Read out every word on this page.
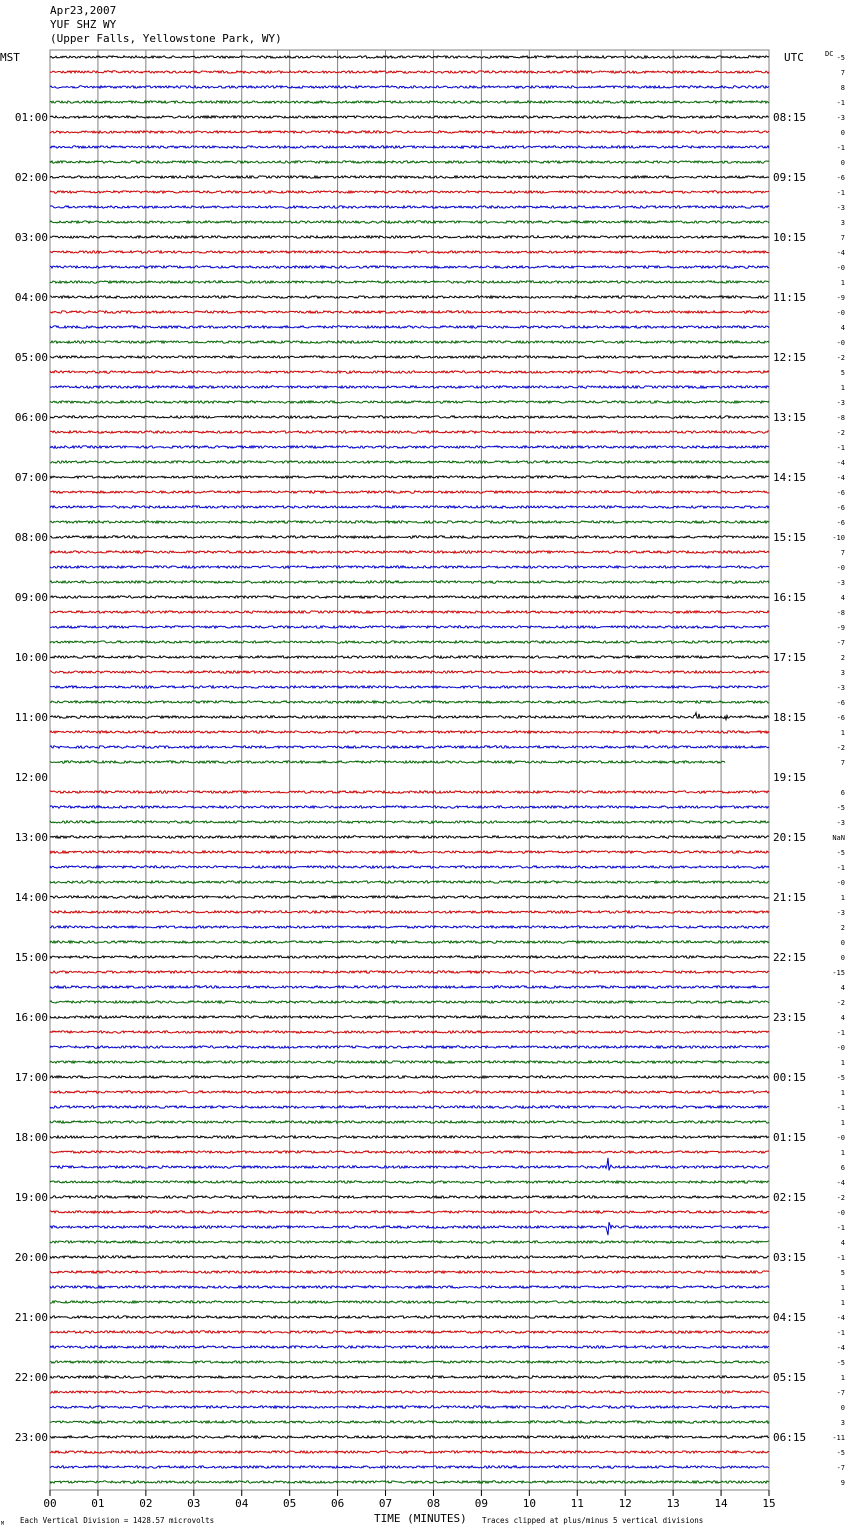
Apr23,2007
YUF SHZ WY
(Upper Falls, Yellowstone Park, WY)
MST	UTC	DC
TIME (MINUTES)
Each Vertical Division = 1428.57 microvolts	Traces clipped at plus/minus 5 vertical divisions
M
00	01	02	03	04	05	06	07	08	09	10	11	12	13	14	15
-5
7
8
-1
-3
0
-1
0
-6
-1
-3
3
7
-4
-0
1
-9
-0
4
-0
-2
5
1
-3
-8
-2
-1
-4
-4
-6
-6
-6
-10
7
-0
-3
4
-8
-9
-7
2
3
-3
-6
-6
1
-2
7
6
-5
-3
NaN
-5
-1
-0
1
-3
2
0
0
-15
4
-2
4
-1
-0
1
-5
1
-1
1
-0
1
6
-4
-2
-0
-1
4
-1
5
1
1
-4
-1
-4
-5
1
-7
0
3
-11
-5
-7
9
01:00
02:00
03:00
04:00
05:00
06:00
07:00
08:00
09:00
10:00
11:00
12:00
13:00
14:00
15:00
16:00
17:00
18:00
19:00
20:00
21:00
22:00
23:00
08:15
09:15
10:15
11:15
12:15
13:15
14:15
15:15
16:15
17:15
18:15
19:15
20:15
21:15
22:15
23:15
00:15
01:15
02:15
03:15
04:15
05:15
06:15
